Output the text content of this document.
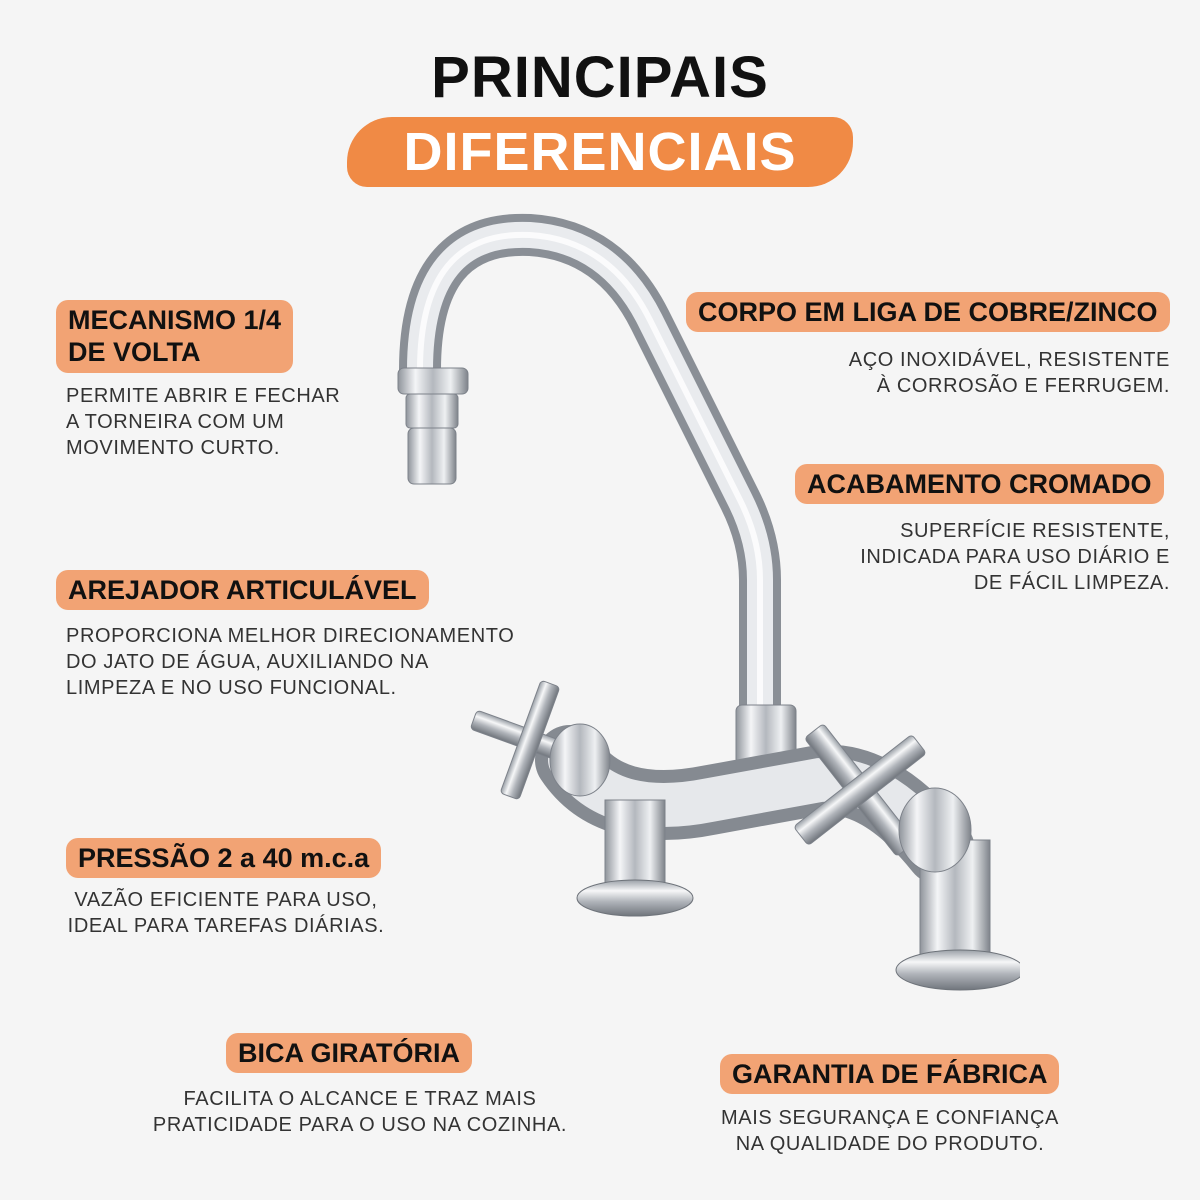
PRINCIPAIS
DIFERENCIAIS
MECANISMO 1/4
DE VOLTA
PERMITE ABRIR E FECHAR
A TORNEIRA COM UM
MOVIMENTO CURTO.
AREJADOR ARTICULÁVEL
PROPORCIONA MELHOR DIRECIONAMENTO
DO JATO DE ÁGUA, AUXILIANDO NA
LIMPEZA E NO USO FUNCIONAL.
PRESSÃO 2 a 40 m.c.a
VAZÃO EFICIENTE PARA USO,
IDEAL PARA TAREFAS DIÁRIAS.
BICA GIRATÓRIA
FACILITA O ALCANCE E TRAZ MAIS
PRATICIDADE PARA O USO NA COZINHA.
CORPO EM LIGA DE COBRE/ZINCO
AÇO INOXIDÁVEL, RESISTENTE
À CORROSÃO E FERRUGEM.
ACABAMENTO CROMADO
SUPERFÍCIE RESISTENTE,
INDICADA PARA USO DIÁRIO E
DE FÁCIL LIMPEZA.
GARANTIA DE FÁBRICA
MAIS SEGURANÇA E CONFIANÇA
NA QUALIDADE DO PRODUTO.
